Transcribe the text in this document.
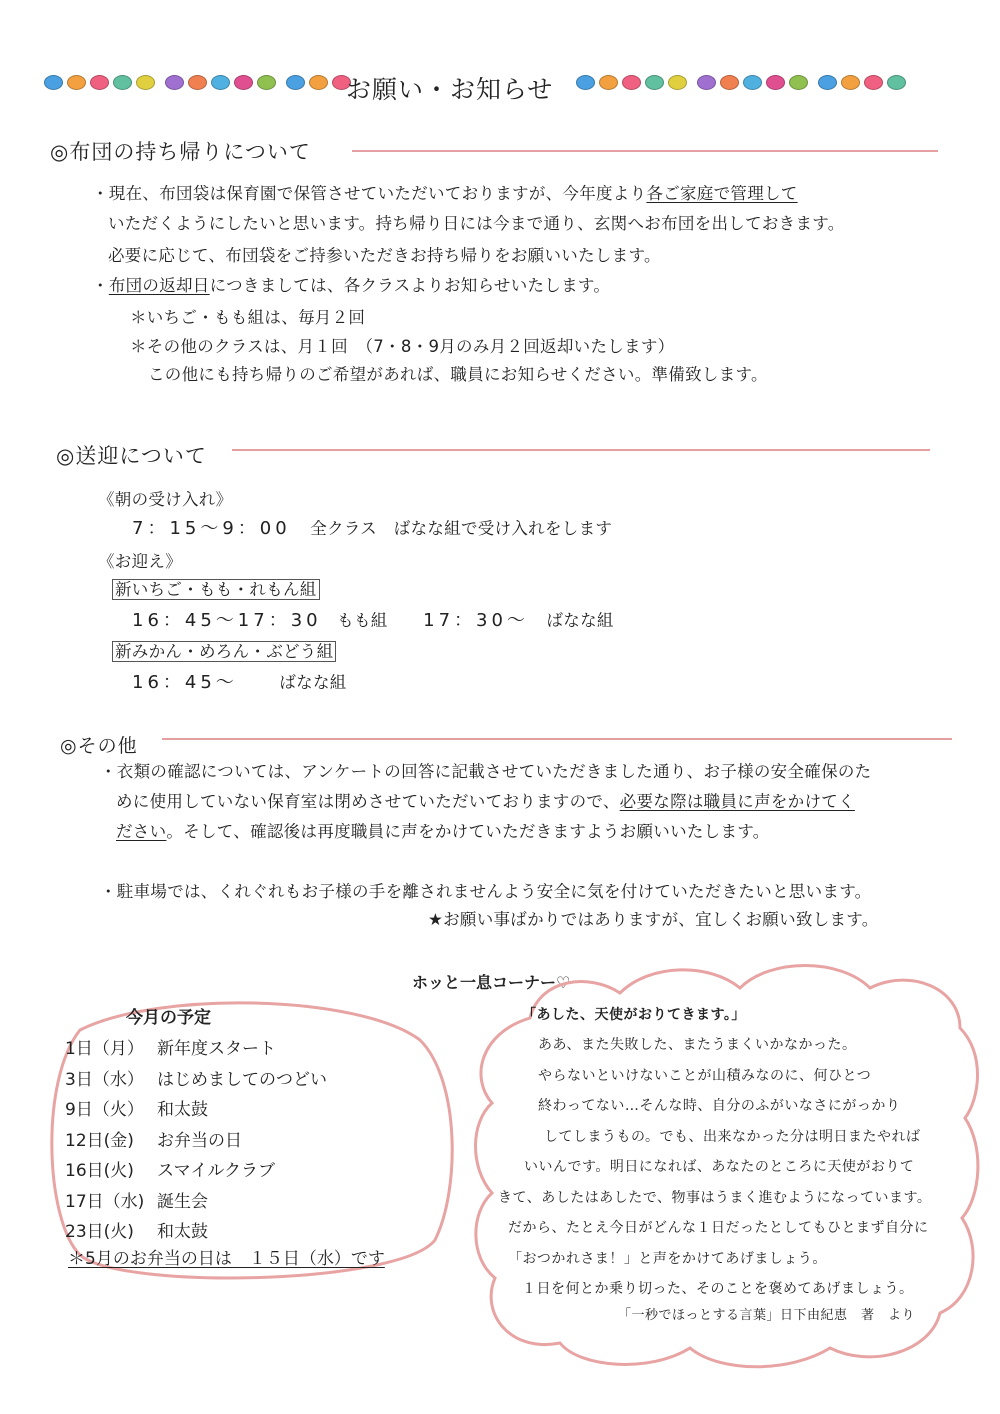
お願い・お知らせ
◎布団の持ち帰りについて
・現在、布団袋は保育園で保管させていただいておりますが、今年度より各ご家庭で管理して
いただくようにしたいと思います。持ち帰り日には今まで通り、玄関へお布団を出しておきます。
必要に応じて、布団袋をご持参いただきお持ち帰りをお願いいたします。
・布団の返却日につきましては、各クラスよりお知らせいたします。
＊いちご・もも組は、毎月２回
＊その他のクラスは、月１回　（7・8・9月のみ月２回返却いたします）
この他にも持ち帰りのご希望があれば、職員にお知らせください。準備致します。
◎送迎について
《朝の受け入れ》
7：15～9：00 全クラス　ばなな組で受け入れをします
《お迎え》
新いちご・もも・れもん組
16：45～17：30 もも組 17：30～ ばなな組
新みかん・めろん・ぶどう組
16：45～	ばなな組
◎その他
・衣類の確認については、アンケートの回答に記載させていただきました通り、お子様の安全確保のた
めに使用していない保育室は閉めさせていただいておりますので、必要な際は職員に声をかけてく
ださい。そして、確認後は再度職員に声をかけていただきますようお願いいたします。
・駐車場では、くれぐれもお子様の手を離されませんよう安全に気を付けていただきたいと思います。
★お願い事ばかりではありますが、宜しくお願い致します。
今月の予定
1日（月） 新年度スタート
3日（水） はじめましてのつどい
9日（火） 和太鼓
12日(金) お弁当の日
16日(火) スマイルクラブ
17日（水) 誕生会
23日(火) 和太鼓
＊5月のお弁当の日は　１５日（水）です
ホッと一息コーナー♡
「あした、天使がおりてきます。」
ああ、また失敗した、またうまくいかなかった。
やらないといけないことが山積みなのに、何ひとつ
終わってない…そんな時、自分のふがいなさにがっかり
してしまうもの。でも、出来なかった分は明日またやれば
いいんです。明日になれば、あなたのところに天使がおりて
きて、あしたはあしたで、物事はうまく進むようになっています。
だから、たとえ今日がどんな１日だったとしてもひとまず自分に
「おつかれさま！」と声をかけてあげましょう。
１日を何とか乗り切った、そのことを褒めてあげましょう。
「一秒でほっとする言葉」日下由紀恵　著　より
